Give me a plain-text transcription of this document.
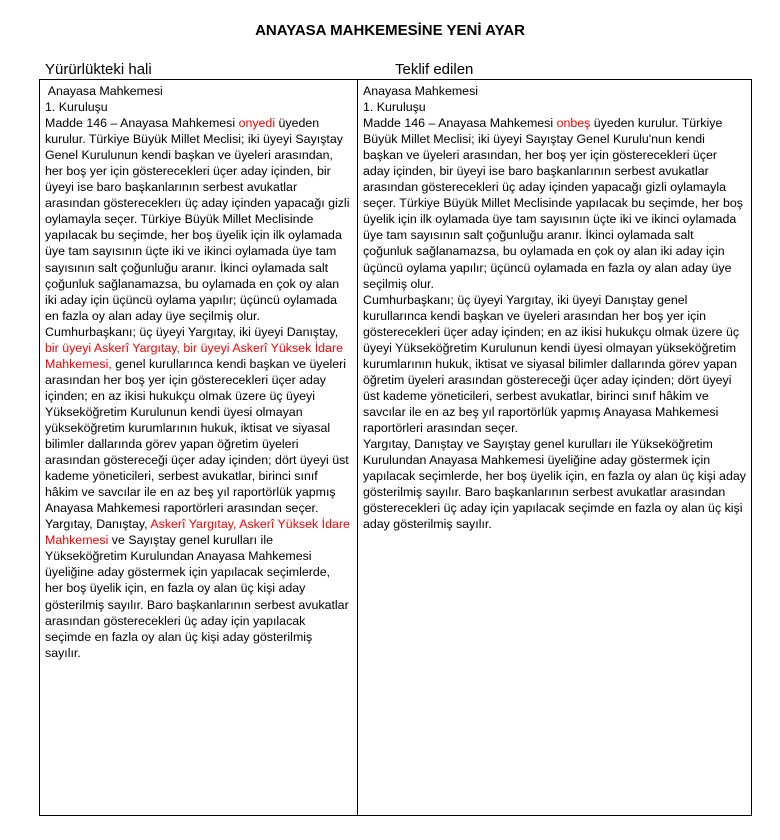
ANAYASA MAHKEMESİNE YENİ AYAR
Yürürlükteki hali	Teklif edilen

Anayasa Mahkemesi

1. Kuruluşu

Madde 146 – Anayasa Mahkemesi onyedi üyeden kurulur. Türkiye Büyük Millet Meclisi; iki üyeyi Sayıştay Genel Kurulunun kendi başkan ve üyeleri arasından, her boş yer için gösterecekleri üçer aday içinden, bir üyeyi ise baro başkanlarının serbest avukatlar arasından göstereceklerı üç aday içinden yapacağı gizli oylamayla seçer. Türkiye Büyük Millet Meclisinde yapılacak bu seçimde, her boş üyelik için ilk oylamada üye tam sayısının üçte iki ve ikinci oylamada üye tam sayısının salt çoğunluğu aranır. İkinci oylamada salt çoğunluk sağlanamazsa, bu oylamada en çok oy alan iki aday için üçüncü oylama yapılır; üçüncü oylamada en fazla oy alan aday üye seçilmiş olur.

Cumhurbaşkanı; üç üyeyi Yargıtay, iki üyeyi Danıştay, bir üyeyi Askerî Yargıtay, bir üyeyi Askerî Yüksek İdare Mahkemesi, genel kurullarınca kendi başkan ve üyeleri arasından her boş yer için gösterecekleri üçer aday içinden; en az ikisi hukukçu olmak üzere üç üyeyi Yükseköğretim Kurulunun kendi üyesi olmayan yükseköğretim kurumlarının hukuk, iktisat ve siyasal bilimler dallarında görev yapan öğretim üyeleri arasından göstereceği üçer aday içinden; dört üyeyi üst kademe yöneticileri, serbest avukatlar, birinci sınıf hâkim ve savcılar ile en az beş yıl raportörlük yapmış Anayasa Mahkemesi raportörleri arasından seçer.

Yargıtay, Danıştay, Askerî Yargıtay, Askerî Yüksek İdare Mahkemesi ve Sayıştay genel kurulları ile Yükseköğretim Kurulundan Anayasa Mahkemesi üyeliğine aday göstermek için yapılacak seçimlerde, her boş üyelik için, en fazla oy alan üç kişi aday gösterilmiş sayılır. Baro başkanlarının serbest avukatlar arasından gösterecekleri üç aday için yapılacak seçimde en fazla oy alan üç kişi aday gösterilmiş sayılır.

Anayasa Mahkemesi

1. Kuruluşu

Madde 146 – Anayasa Mahkemesi onbeş üyeden kurulur. Türkiye Büyük Millet Meclisi; iki üyeyi Sayıştay Genel Kurulu'nun kendi başkan ve üyeleri arasından, her boş yer için gösterecekleri üçer aday içinden, bir üyeyi ise baro başkanlarının serbest avukatlar arasından gösterecekleri üç aday içinden yapacağı gizli oylamayla seçer. Türkiye Büyük Millet Meclisinde yapılacak bu seçimde, her boş üyelik için ilk oylamada üye tam sayısının üçte iki ve ikinci oylamada üye tam sayısının salt çoğunluğu aranır. İkinci oylamada salt çoğunluk sağlanamazsa, bu oylamada en çok oy alan iki aday için üçüncü oylama yapılır; üçüncü oylamada en fazla oy alan aday üye seçilmiş olur.

Cumhurbaşkanı; üç üyeyi Yargıtay, iki üyeyi Danıştay genel kurullarınca kendi başkan ve üyeleri arasından her boş yer için gösterecekleri üçer aday içinden; en az ikisi hukukçu olmak üzere üç üyeyi Yükseköğretim Kurulunun kendi üyesi olmayan yükseköğretim kurumlarının hukuk, iktisat ve siyasal bilimler dallarında görev yapan öğretim üyeleri arasından göstereceği üçer aday içinden; dört üyeyi üst kademe yöneticileri, serbest avukatlar, birinci sınıf hâkim ve savcılar ile en az beş yıl raportörlük yapmış Anayasa Mahkemesi raportörleri arasından seçer.

Yargıtay, Danıştay ve Sayıştay genel kurulları ile Yükseköğretim Kurulundan Anayasa Mahkemesi üyeliğine aday göstermek için yapılacak seçimlerde, her boş üyelik için, en fazla oy alan üç kişi aday gösterilmiş sayılır. Baro başkanlarının serbest avukatlar arasından gösterecekleri üç aday için yapılacak seçimde en fazla oy alan üç kişi aday gösterilmiş sayılır.
